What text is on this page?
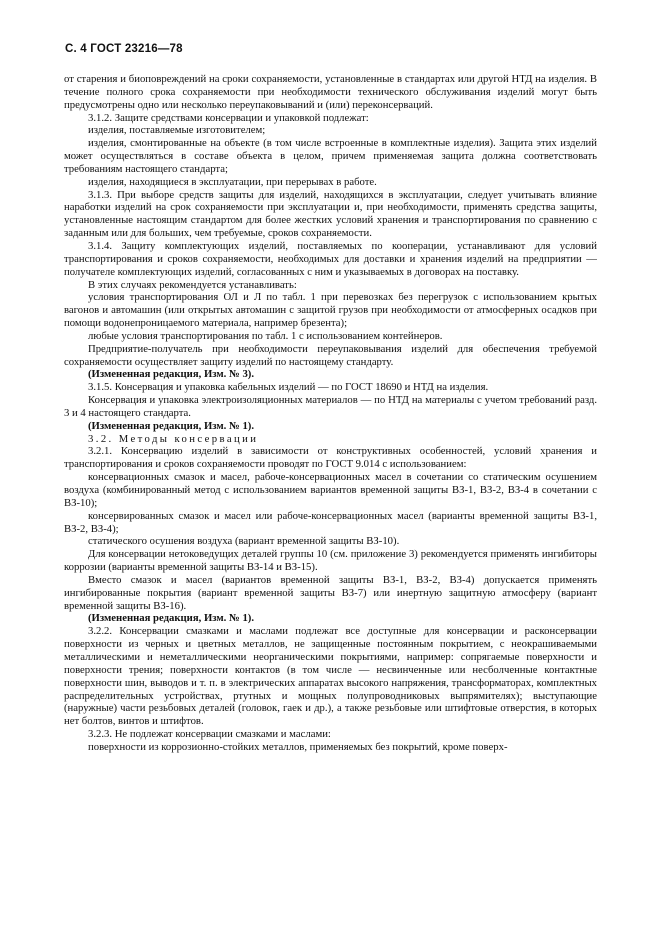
С. 4 ГОСТ 23216—78

от старения и биоповреждений на сроки сохраняемости, установленные в стандартах или другой НТД на изделия. В течение полного срока сохраняемости при необходимости технического обслуживания изделий могут быть предусмотрены одно или несколько переупаковываний и (или) переконсерваций.

3.1.2. Защите средствами консервации и упаковкой подлежат:

изделия, поставляемые изготовителем;

изделия, смонтированные на объекте (в том числе встроенные в комплектные изделия). Защита этих изделий может осуществляться в составе объекта в целом, причем применяемая защита должна соответствовать требованиям настоящего стандарта;

изделия, находящиеся в эксплуатации, при перерывах в работе.

3.1.3. При выборе средств защиты для изделий, находящихся в эксплуатации, следует учитывать влияние наработки изделий на срок сохраняемости при эксплуатации и, при необходимости, применять средства защиты, установленные настоящим стандартом для более жестких условий хранения и транспортирования по сравнению с заданным или для больших, чем требуемые, сроков сохраняемости.

3.1.4. Защиту комплектующих изделий, поставляемых по кооперации, устанавливают для условий транспортирования и сроков сохраняемости, необходимых для доставки и хранения изделий на предприятии — получателе комплектующих изделий, согласованных с ним и указываемых в договорах на поставку.

В этих случаях рекомендуется устанавливать:

условия транспортирования ОЛ и Л по табл. 1 при перевозках без перегрузок с использованием крытых вагонов и автомашин (или открытых автомашин с защитой грузов при необходимости от атмосферных осадков при помощи водонепроницаемого материала, например брезента);

любые условия транспортирования по табл. 1 с использованием контейнеров.

Предприятие-получатель при необходимости переупаковывания изделий для обеспечения требуемой сохраняемости осуществляет защиту изделий по настоящему стандарту.

(Измененная редакция, Изм. № 3).

3.1.5. Консервация и упаковка кабельных изделий — по ГОСТ 18690 и НТД на изделия.

Консервация и упаковка электроизоляционных материалов — по НТД на материалы с учетом требований разд. 3 и 4 настоящего стандарта.

(Измененная редакция, Изм. № 1).

3.2. Методы консервации

3.2.1. Консервацию изделий в зависимости от конструктивных особенностей, условий хранения и транспортирования и сроков сохраняемости проводят по ГОСТ 9.014 с использованием:

консервационных смазок и масел, рабоче-консервационных масел в сочетании со статическим осушением воздуха (комбинированный метод с использованием вариантов временной защиты ВЗ-1, ВЗ-2, ВЗ-4 в сочетании с ВЗ-10);

консервированных смазок и масел или рабоче-консервационных масел (варианты временной защиты ВЗ-1, ВЗ-2, ВЗ-4);

статического осушения воздуха (вариант временной защиты ВЗ-10).

Для консервации нетоковедущих деталей группы 10 (см. приложение 3) рекомендуется применять ингибиторы коррозии (варианты временной защиты ВЗ-14 и ВЗ-15).

Вместо смазок и масел (вариантов временной защиты ВЗ-1, ВЗ-2, ВЗ-4) допускается применять ингибированные покрытия (вариант временной защиты ВЗ-7) или инертную защитную атмосферу (вариант временной защиты ВЗ-16).

(Измененная редакция, Изм. № 1).

3.2.2. Консервации смазками и маслами подлежат все доступные для консервации и расконсервации поверхности из черных и цветных металлов, не защищенные постоянным покрытием, с неокрашиваемыми металлическими и неметаллическими неорганическими покрытиями, например: сопрягаемые поверхности и поверхности трения; поверхности контактов (в том числе — несвинченные или несболченные контактные поверхности шин, выводов и т. п. в электрических аппаратах высокого напряжения, трансформаторах, комплектных распределительных устройствах, ртутных и мощных полупроводниковых выпрямителях); выступающие (наружные) части резьбовых деталей (головок, гаек и др.), а также резьбовые или штифтовые отверстия, в которых нет болтов, винтов и штифтов.

3.2.3. Не подлежат консервации смазками и маслами:

поверхности из коррозионно-стойких металлов, применяемых без покрытий, кроме поверх-
